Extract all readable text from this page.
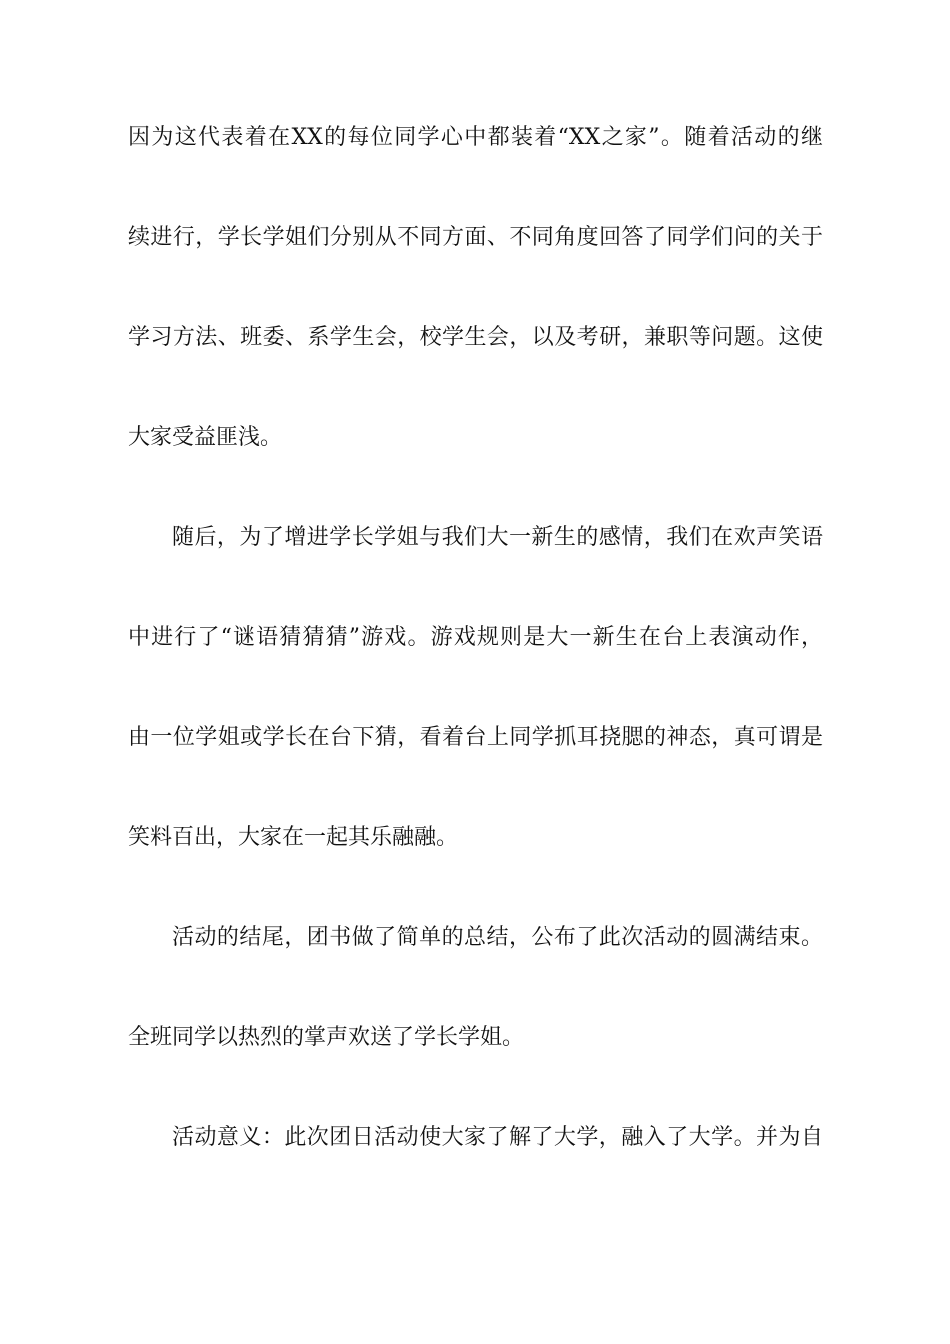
因为这代表着在XX的每位同学心中都装着“XX之家”。随着活动的继
续进行，学长学姐们分别从不同方面、不同角度回答了同学们问的关于
学习方法、班委、系学生会，校学生会，以及考研，兼职等问题。这使
大家受益匪浅。
随后，为了增进学长学姐与我们大一新生的感情，我们在欢声笑语
中进行了“谜语猜猜猜”游戏。游戏规则是大一新生在台上表演动作，
由一位学姐或学长在台下猜，看着台上同学抓耳挠腮的神态，真可谓是
笑料百出，大家在一起其乐融融。
活动的结尾，团书做了简单的总结，公布了此次活动的圆满结束。
全班同学以热烈的掌声欢送了学长学姐。
活动意义：此次团日活动使大家了解了大学，融入了大学。并为自
